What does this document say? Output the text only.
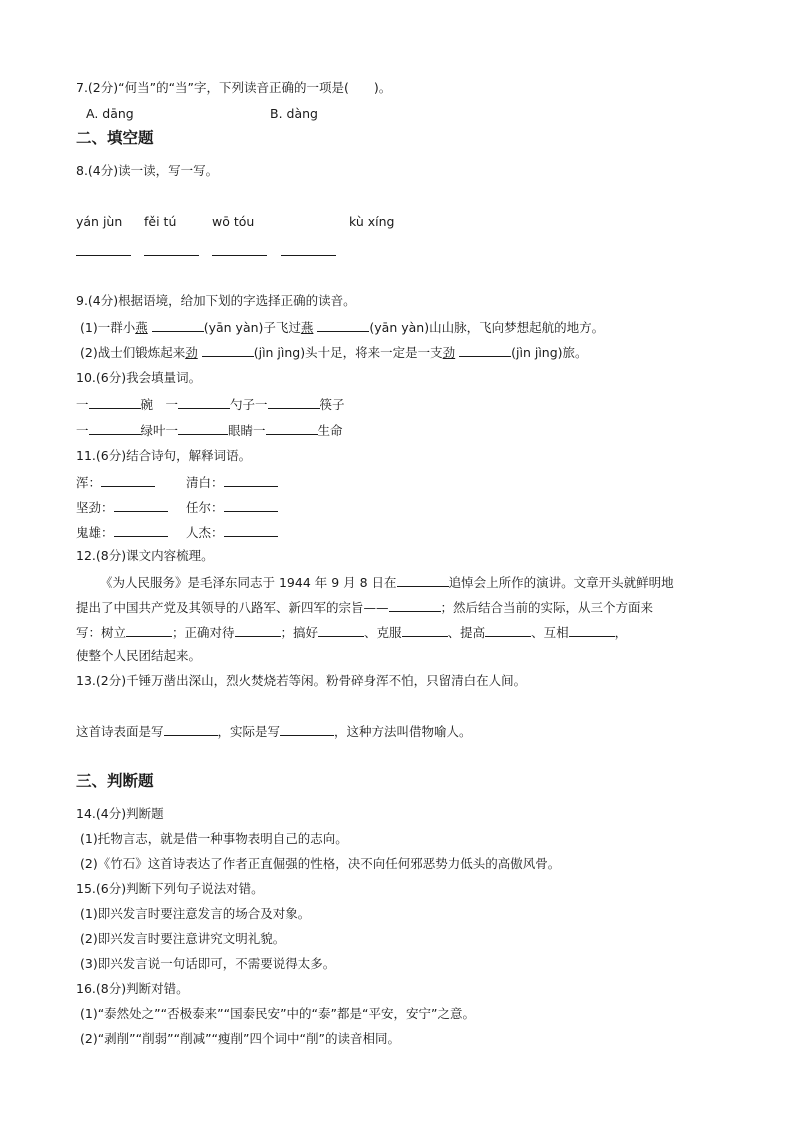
7.(2分)“何当”的“当”字，下列读音正确的一项是(　　)。
A. dāng	B. dàng
二、填空题
8.(4分)读一读，写一写。
yán jùn fěi tú	wō tóu	kù xíng
9.(4分)根据语境，给加下划的字选择正确的读音。
(1)一群小燕	(yān yàn)子飞过燕	(yān yàn)山山脉，飞向梦想起航的地方。
(2)战士们锻炼起来劲	(jìn jìng)头十足，将来一定是一支劲	(jìn jìng)旅。
10.(6分)我会填量词。
一	碗　一	勺子一	筷子
一	绿叶一	眼睛一	生命
11.(6分)结合诗句，解释词语。
浑：	清白：
坚劲：	任尔：
鬼雄：	人杰：
12.(8分)课文内容梳理。
《为人民服务》是毛泽东同志于 1944 年 9 月 8 日在	追悼会上所作的演讲。文章开头就鲜明地
提出了中国共产党及其领导的八路军、新四军的宗旨——	；然后结合当前的实际，从三个方面来
写：树立	；正确对待	；搞好	、克服	、提高	、互相	，
使整个人民团结起来。
13.(2分)千锤万凿出深山，烈火焚烧若等闲。粉骨碎身浑不怕，只留清白在人间。
这首诗表面是写	，实际是写	，这种方法叫借物喻人。
三、判断题
14.(4分)判断题
(1)托物言志，就是借一种事物表明自己的志向。
(2)《竹石》这首诗表达了作者正直倔强的性格，决不向任何邪恶势力低头的高傲风骨。
15.(6分)判断下列句子说法对错。
(1)即兴发言时要注意发言的场合及对象。
(2)即兴发言时要注意讲究文明礼貌。
(3)即兴发言说一句话即可，不需要说得太多。
16.(8分)判断对错。
(1)“泰然处之”“否极泰来”“国泰民安”中的“泰”都是“平安，安宁”之意。
(2)“剥削”“削弱”“削减”“瘦削”四个词中“削”的读音相同。
